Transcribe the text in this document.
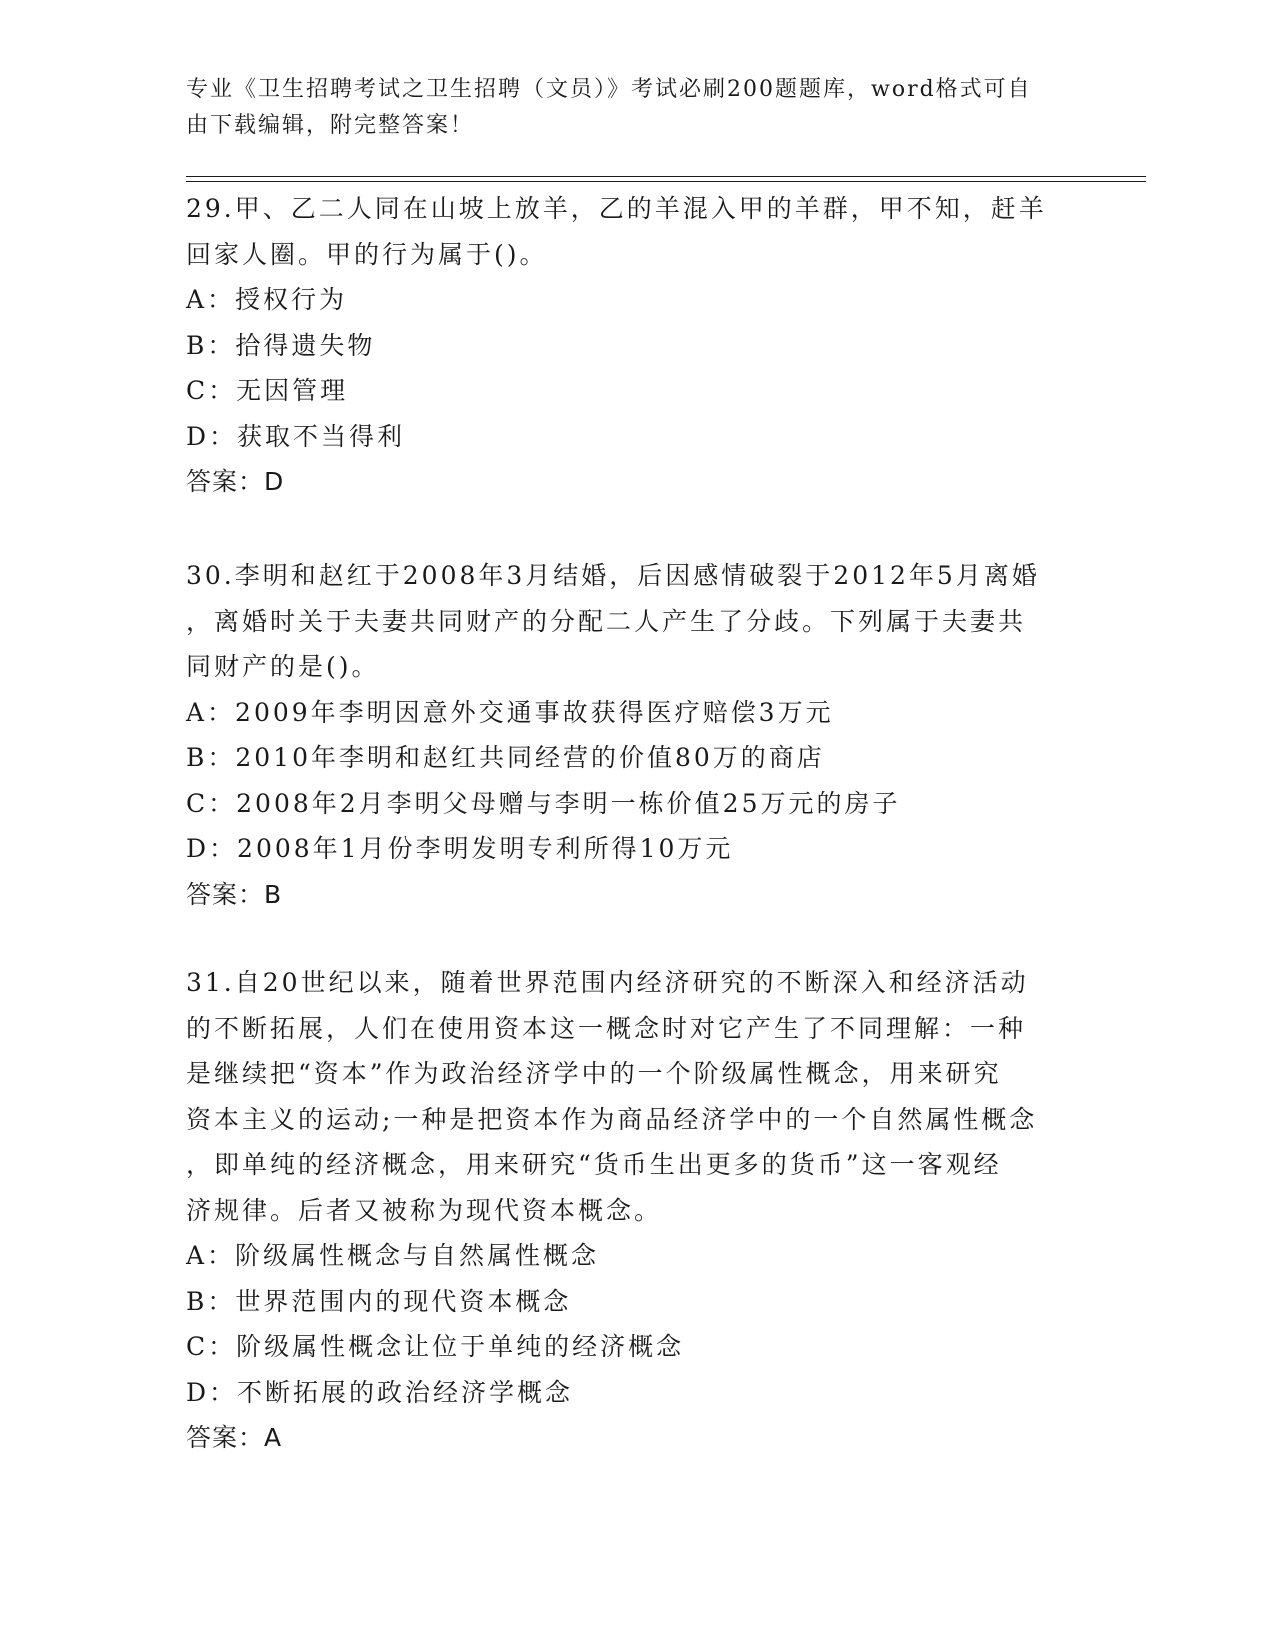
专业《卫生招聘考试之卫生招聘（文员）》考试必刷200题题库，word格式可自
由下载编辑，附完整答案！

29.甲、乙二人同在山坡上放羊，乙的羊混入甲的羊群，甲不知，赶羊

回家人圈。甲的行为属于()。

A：授权行为

B：拾得遗失物

C：无因管理

D：获取不当得利

答案：D

30.李明和赵红于2008年3月结婚，后因感情破裂于2012年5月离婚

，离婚时关于夫妻共同财产的分配二人产生了分歧。下列属于夫妻共

同财产的是()。

A：2009年李明因意外交通事故获得医疗赔偿3万元

B：2010年李明和赵红共同经营的价值80万的商店

C：2008年2月李明父母赠与李明一栋价值25万元的房子

D：2008年1月份李明发明专利所得10万元

答案：B

31.自20世纪以来，随着世界范围内经济研究的不断深入和经济活动

的不断拓展，人们在使用资本这一概念时对它产生了不同理解：一种

是继续把“资本”作为政治经济学中的一个阶级属性概念，用来研究

资本主义的运动;一种是把资本作为商品经济学中的一个自然属性概念

，即单纯的经济概念，用来研究“货币生出更多的货币”这一客观经

济规律。后者又被称为现代资本概念。

A：阶级属性概念与自然属性概念

B：世界范围内的现代资本概念

C：阶级属性概念让位于单纯的经济概念

D：不断拓展的政治经济学概念

答案：A
